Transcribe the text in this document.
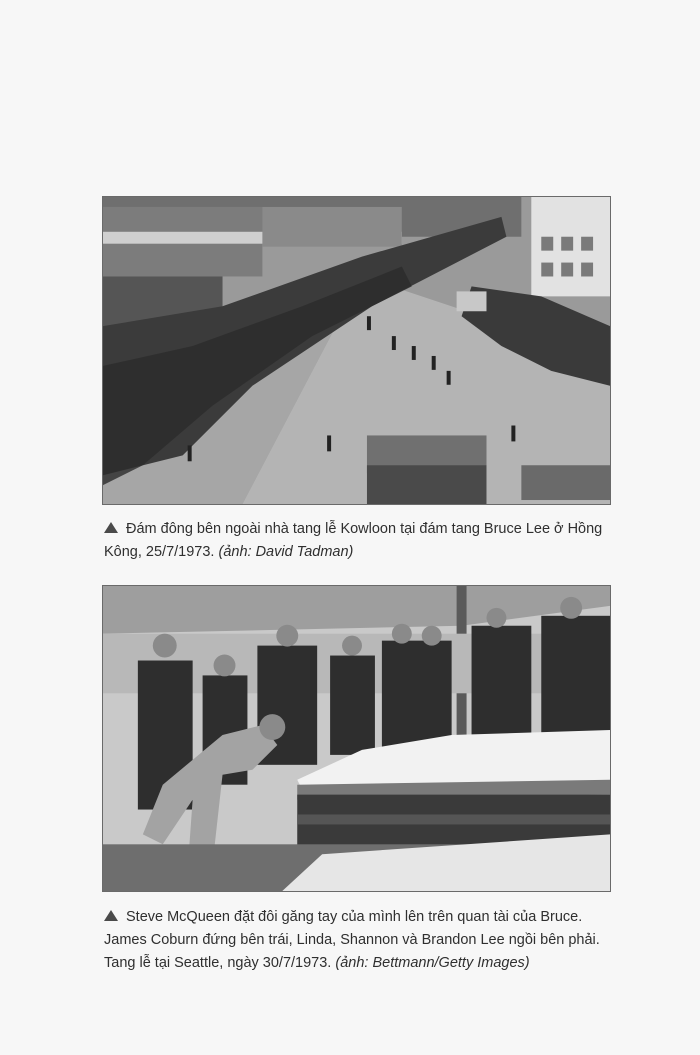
Đám đông bên ngoài nhà tang lễ Kowloon tại đám tang Bruce Lee ở Hồng Kông, 25/7/1973. (ảnh: David Tadman)
Steve McQueen đặt đôi găng tay của mình lên trên quan tài của Bruce. James Coburn đứng bên trái, Linda, Shannon và Brandon Lee ngồi bên phải. Tang lễ tại Seattle, ngày 30/7/1973. (ảnh: Bettmann/Getty Images)
